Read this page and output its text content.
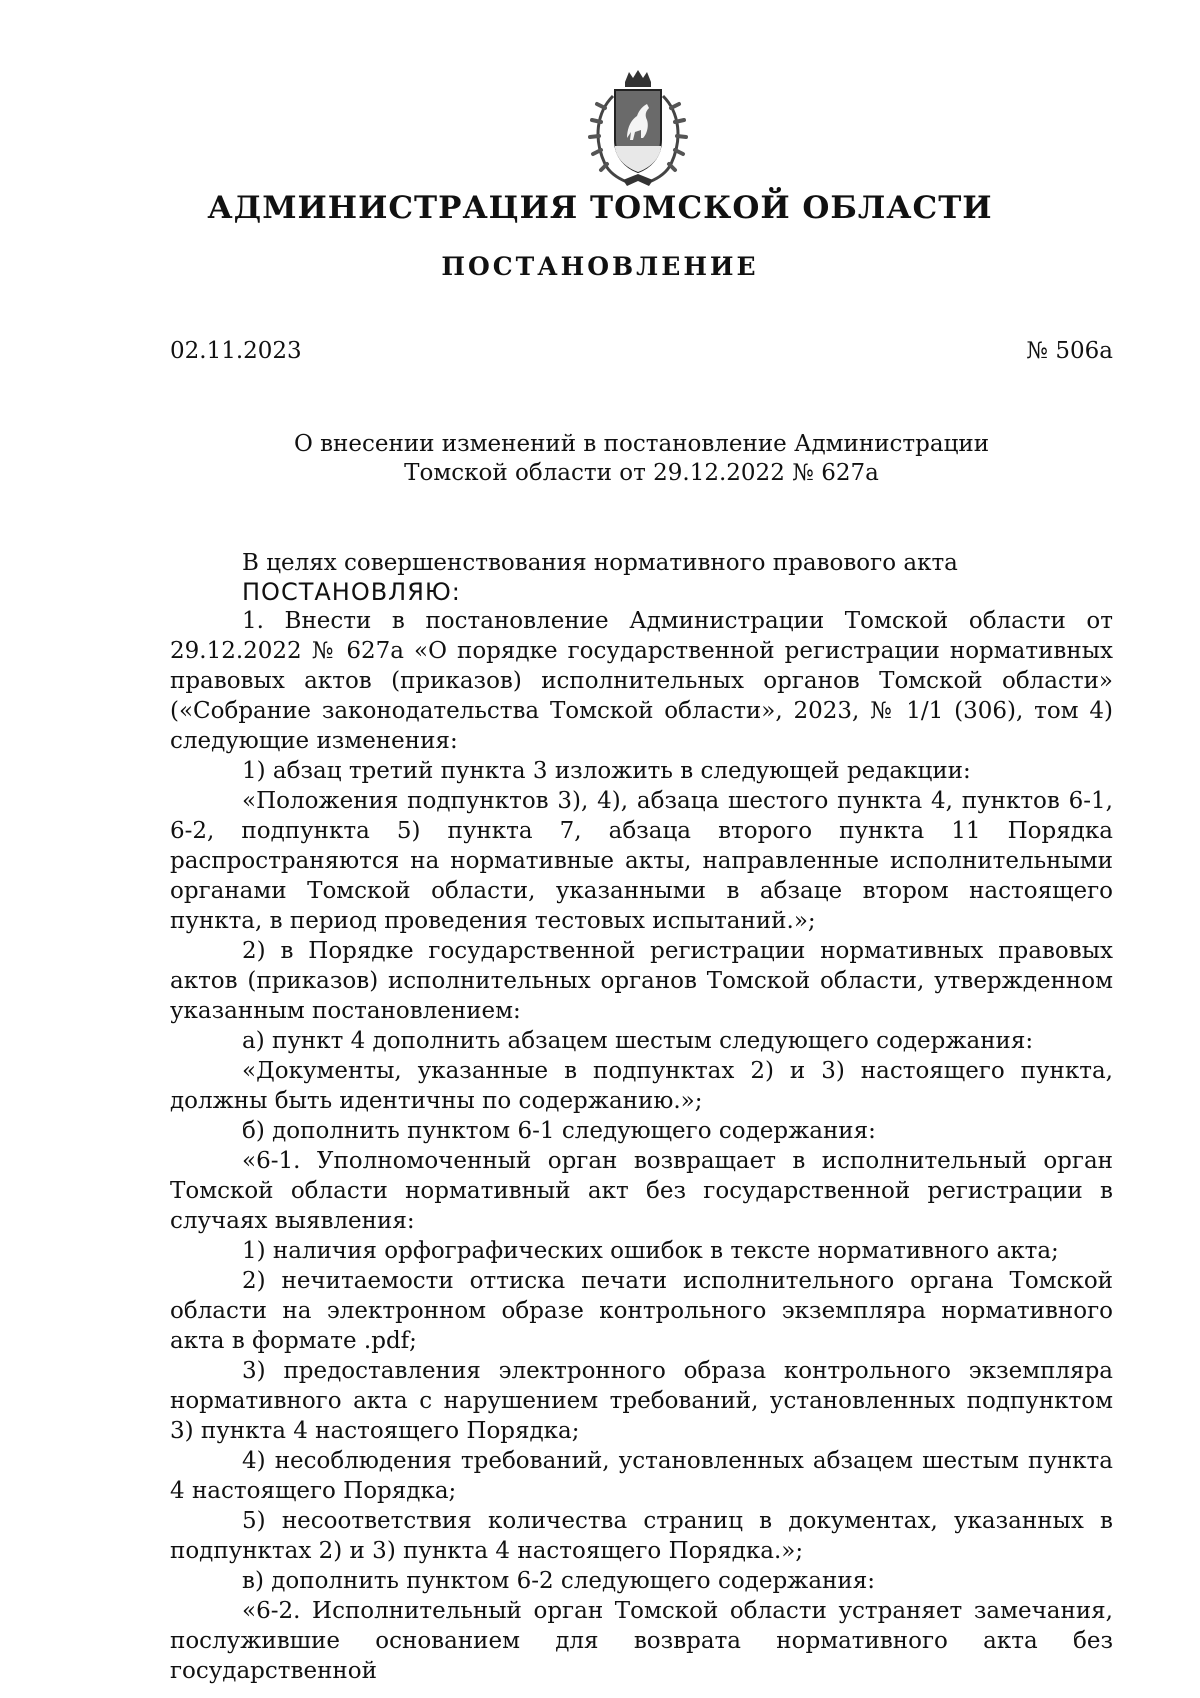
АДМИНИСТРАЦИЯ ТОМСКОЙ ОБЛАСТИ
ПОСТАНОВЛЕНИЕ
02.11.2023	№ 506а
О внесении изменений в постановление Администрации
Томской области от 29.12.2022 № 627а

В целях совершенствования нормативного правового акта

ПОСТАНОВЛЯЮ:

1. Внести в постановление Администрации Томской области от 29.12.2022 № 627а «О порядке государственной регистрации нормативных правовых актов (приказов) исполнительных органов Томской области» («Собрание законодательства Томской области», 2023, № 1/1 (306), том 4) следующие изменения:

1) абзац третий пункта 3 изложить в следующей редакции:

«Положения подпунктов 3), 4), абзаца шестого пункта 4, пунктов 6-1, 6-2, подпункта 5) пункта 7, абзаца второго пункта 11 Порядка распространяются на нормативные акты, направленные исполнительными органами Томской области, указанными в абзаце втором настоящего пункта, в период проведения тестовых испытаний.»;

2) в Порядке государственной регистрации нормативных правовых актов (приказов) исполнительных органов Томской области, утвержденном указанным постановлением:

а) пункт 4 дополнить абзацем шестым следующего содержания:

«Документы, указанные в подпунктах 2) и 3) настоящего пункта, должны быть идентичны по содержанию.»;

б) дополнить пунктом 6-1 следующего содержания:

«6-1. Уполномоченный орган возвращает в исполнительный орган Томской области нормативный акт без государственной регистрации в случаях выявления:

1) наличия орфографических ошибок в тексте нормативного акта;

2) нечитаемости оттиска печати исполнительного органа Томской области на электронном образе контрольного экземпляра нормативного акта в формате .pdf;

3) предоставления электронного образа контрольного экземпляра нормативного акта с нарушением требований, установленных подпунктом 3) пункта 4 настоящего Порядка;

4) несоблюдения требований, установленных абзацем шестым пункта 4 настоящего Порядка;

5) несоответствия количества страниц в документах, указанных в подпунктах 2) и 3) пункта 4 настоящего Порядка.»;

в) дополнить пунктом 6-2 следующего содержания:

«6-2. Исполнительный орган Томской области устраняет замечания, послужившие основанием для возврата нормативного акта без государственной
